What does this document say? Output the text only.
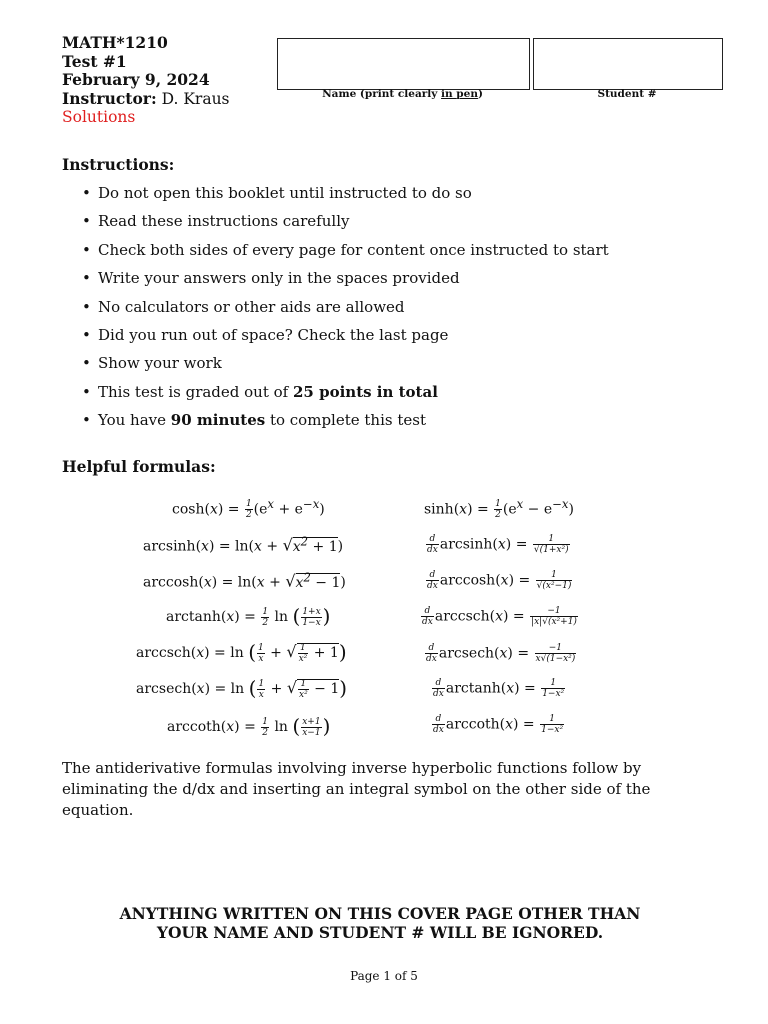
MATH*1210
Test #1
February 9, 2024
Instructor: D. Kraus
Solutions
Name (print clearly in pen)	Student #
Instructions:
• Do not open this booklet until instructed to do so
• Read these instructions carefully
• Check both sides of every page for content once instructed to start
• Write your answers only in the spaces provided
• No calculators or other aids are allowed
• Did you run out of space? Check the last page
• Show your work
• This test is graded out of 25 points in total
• You have 90 minutes to complete this test
Helpful formulas:
$\cosh(x) = \frac{1}{2} (e^x + e^{-x})$
$\arcsin h(x) = \ln(x + √x^2 + 1)$
$\arccos h(x) = \ln(x + √x^2 - 1)$
$\arctan h(x) = \frac{1}{2}$ ln ( $\frac{1+x}{1-x}$ )
arccsch(x) = ln ( $\frac{1}{x}$ + √ $\frac{1}{\text{x²}} + 1$)
arcsech(x) = ln ( $\frac{1}{x}$ + √ $\frac{1}{\text{x²}} - 1$)
$arccoth(x) = \frac{1}{2}$ ln ( $\frac{x+1}{x-1}$ )
$\sinh(x) = \frac{1}{2} (e^x - e^{-x})$
$\frac{d}{dx} \arcsin h(x) = \frac{1}{\text{√(1+x²)}}$
$\frac{d}{dx} \arccos h(x) = \frac{1}{\text{√(x²−1)}}$
$\frac{d}{dx} arccsch(x) = \frac{-1}{\text{|x|√(x²+1)}}$
$\frac{d}{dx} arcsech(x) = \frac{-1}{\text{x√(1−x²)}}$
$\frac{d}{dx} \arctan h(x) = \frac{1}{\text{1−x²}}$
$\frac{d}{dx} arccoth(x) = \frac{1}{\text{1−x²}}$
The antiderivative formulas involving inverse hyperbolic functions follow by eliminating the d/dx and inserting an integral symbol on the other side of the equation.
ANYTHING WRITTEN ON THIS COVER PAGE OTHER THAN
YOUR NAME AND STUDENT # WILL BE IGNORED.
Page 1 of 5
